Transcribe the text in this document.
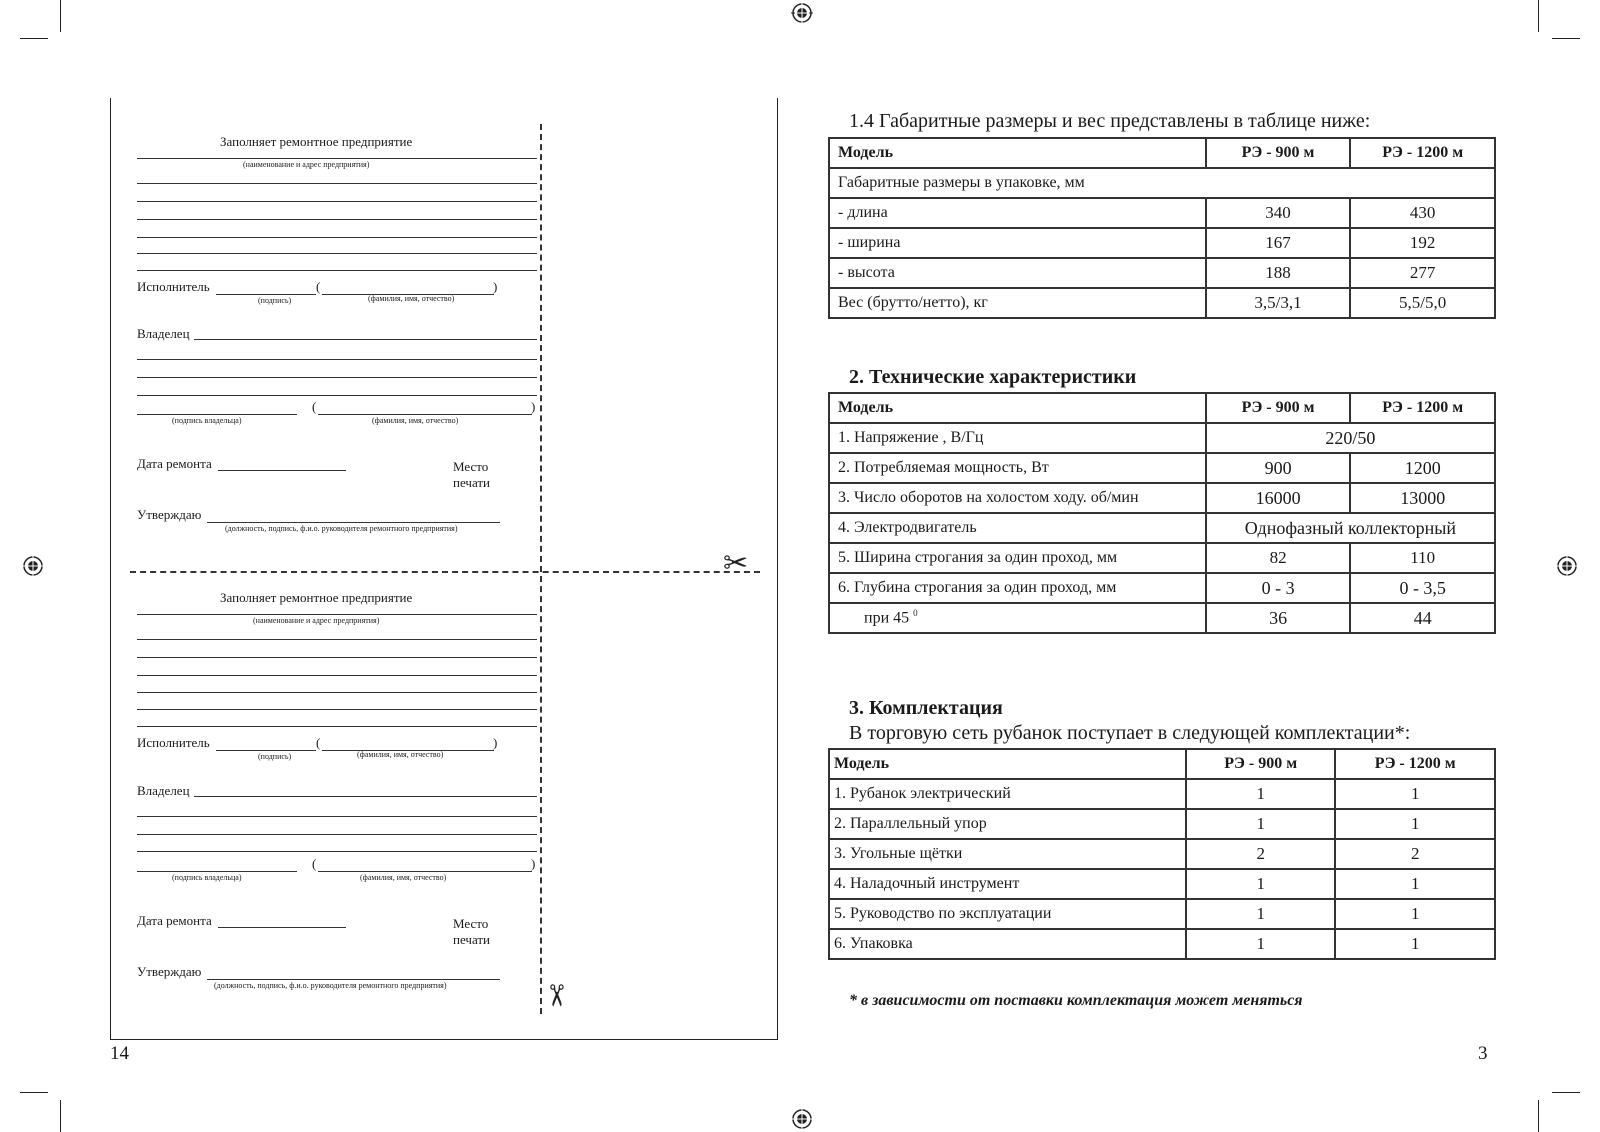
✂
✂
Заполняет ремонтное предприятие
(наименование и адрес предприятия)
Исполнитель	(	)
(подпись)	(фамилия, имя, отчество)
Владелец
(	)
(подпись владельца)	(фамилия, имя, отчество)
Дата ремонта	Место
печати
Утверждаю
(должность, подпись, ф.и.о. руководителя ремонтного предприятия)
Заполняет ремонтное предприятие
(наименование и адрес предприятия)
Исполнитель	(	)
(подпись)	(фамилия, имя, отчество)
Владелец
(	)
(подпись владельца)	(фамилия, имя, отчество)
Дата ремонта	Место
печати
Утверждаю
(должность, подпись, ф.и.о. руководителя ремонтного предприятия)
14
1.4 Габаритные размеры и вес представлены в таблице ниже:
Модель	РЭ - 900 м	РЭ - 1200 м
Габаритные размеры в упаковке, мм		
- длина	340	430
- ширина	167	192
- высота	188	277
Вес (брутто/нетто), кг	3,5/3,1	5,5/5,0
2. Технические характеристики
Модель	РЭ - 900 м	РЭ - 1200 м
1. Напряжение , В/Гц	220/50	
2. Потребляемая мощность, Вт	900	1200
3. Число оборотов на холостом ходу. об/мин	16000	13000
4. Электродвигатель	Однофазный коллекторный	
5. Ширина строгания за один проход, мм	82	110
6. Глубина строгания за один проход, мм	0 - 3	0 - 3,5
при 45 $^0$	36	44
3. Комплектация
В торговую сеть рубанок поступает в следующей комплектации*:
Модель	РЭ - 900 м	РЭ - 1200 м
1. Рубанок электрический	1	1
2. Параллельный упор	1	1
3. Угольные щётки	2	2
4. Наладочный инструмент	1	1
5. Руководство по эксплуатации	1	1
6. Упаковка	1	1
* в зависимости от поставки комплектация может меняться
3
